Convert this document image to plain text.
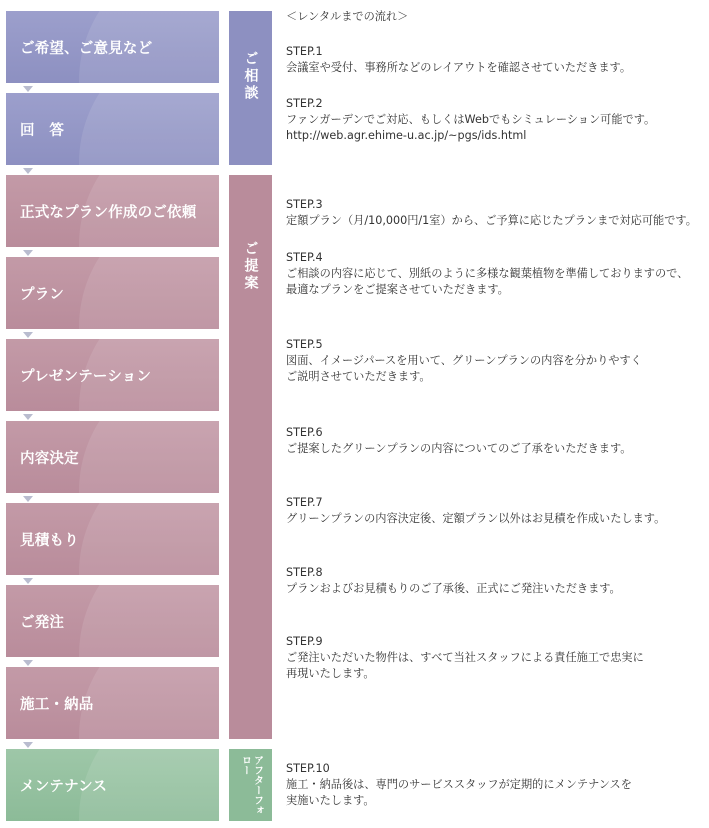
ご希望、ご意見など
回　答
正式なプラン作成のご依頼
プラン
プレゼンテーション
内容決定
見積もり
ご発注
施工・納品
メンテナンス
ご相談
ご提案
アフターフォロー
＜レンタルまでの流れ＞
STEP.1
会議室や受付、事務所などのレイアウトを確認させていただきます。
STEP.2
ファンガーデンでご対応、もしくはWebでもシミュレーション可能です。
http://web.agr.ehime-u.ac.jp/~pgs/ids.html
STEP.3
定額プラン（月/10,000円/1室）から、ご予算に応じたプランまで対応可能です。
STEP.4
ご相談の内容に応じて、別紙のように多様な観葉植物を準備しておりますので、
最適なプランをご提案させていただきます。
STEP.5
図面、イメージパースを用いて、グリーンプランの内容を分かりやすく
ご説明させていただきます。
STEP.6
ご提案したグリーンプランの内容についてのご了承をいただきます。
STEP.7
グリーンプランの内容決定後、定額プラン以外はお見積を作成いたします。
STEP.8
プランおよびお見積もりのご了承後、正式にご発注いただきます。
STEP.9
ご発注いただいた物件は、すべて当社スタッフによる責任施工で忠実に
再現いたします。
STEP.10
施工・納品後は、専門のサービススタッフが定期的にメンテナンスを
実施いたします。
